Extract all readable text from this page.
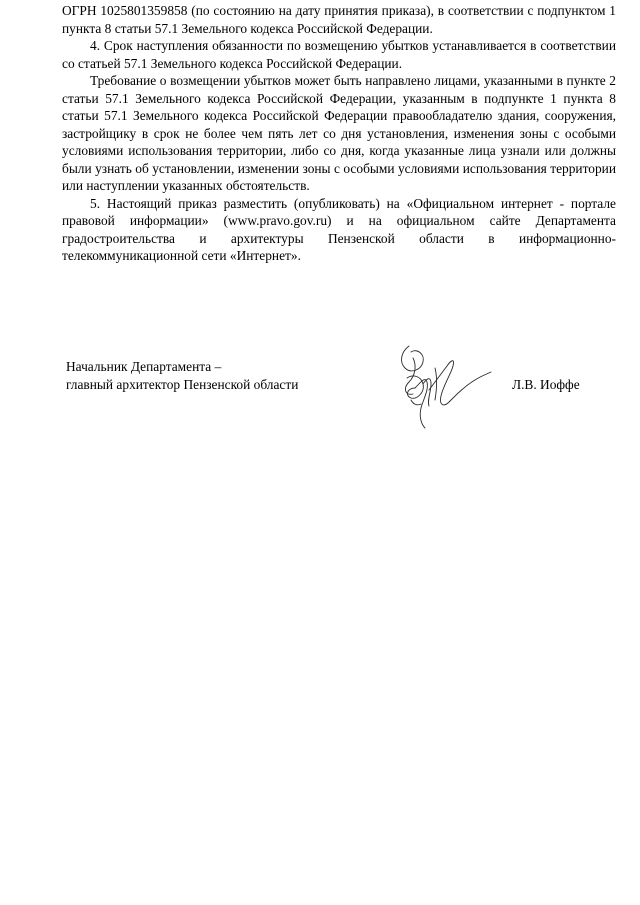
ОГРН 1025801359858 (по состоянию на дату принятия приказа), в соответствии с подпунктом 1 пункта 8 статьи 57.1 Земельного кодекса Российской Федерации.

4. Срок наступления обязанности по возмещению убытков устанавливается в соответствии со статьей 57.1 Земельного кодекса Российской Федерации.

Требование о возмещении убытков может быть направлено лицами, указанными в пункте 2 статьи 57.1 Земельного кодекса Российской Федерации, указанным в подпункте 1 пункта 8 статьи 57.1 Земельного кодекса Российской Федерации правообладателю здания, сооружения, застройщику в срок не более чем пять лет со дня установления, изменения зоны с особыми условиями использования территории, либо со дня, когда указанные лица узнали или должны были узнать об установлении, изменении зоны с особыми условиями использования территории или наступлении указанных обстоятельств.

5. Настоящий приказ разместить (опубликовать) на «Официальном интернет - портале правовой информации» (www.pravo.gov.ru) и на официальном сайте Департамента градостроительства и архитектуры Пензенской области в информационно-телекоммуникационной сети «Интернет».

Начальник Департамента –
главный архитектор Пензенской области	Л.В. Иоффе
